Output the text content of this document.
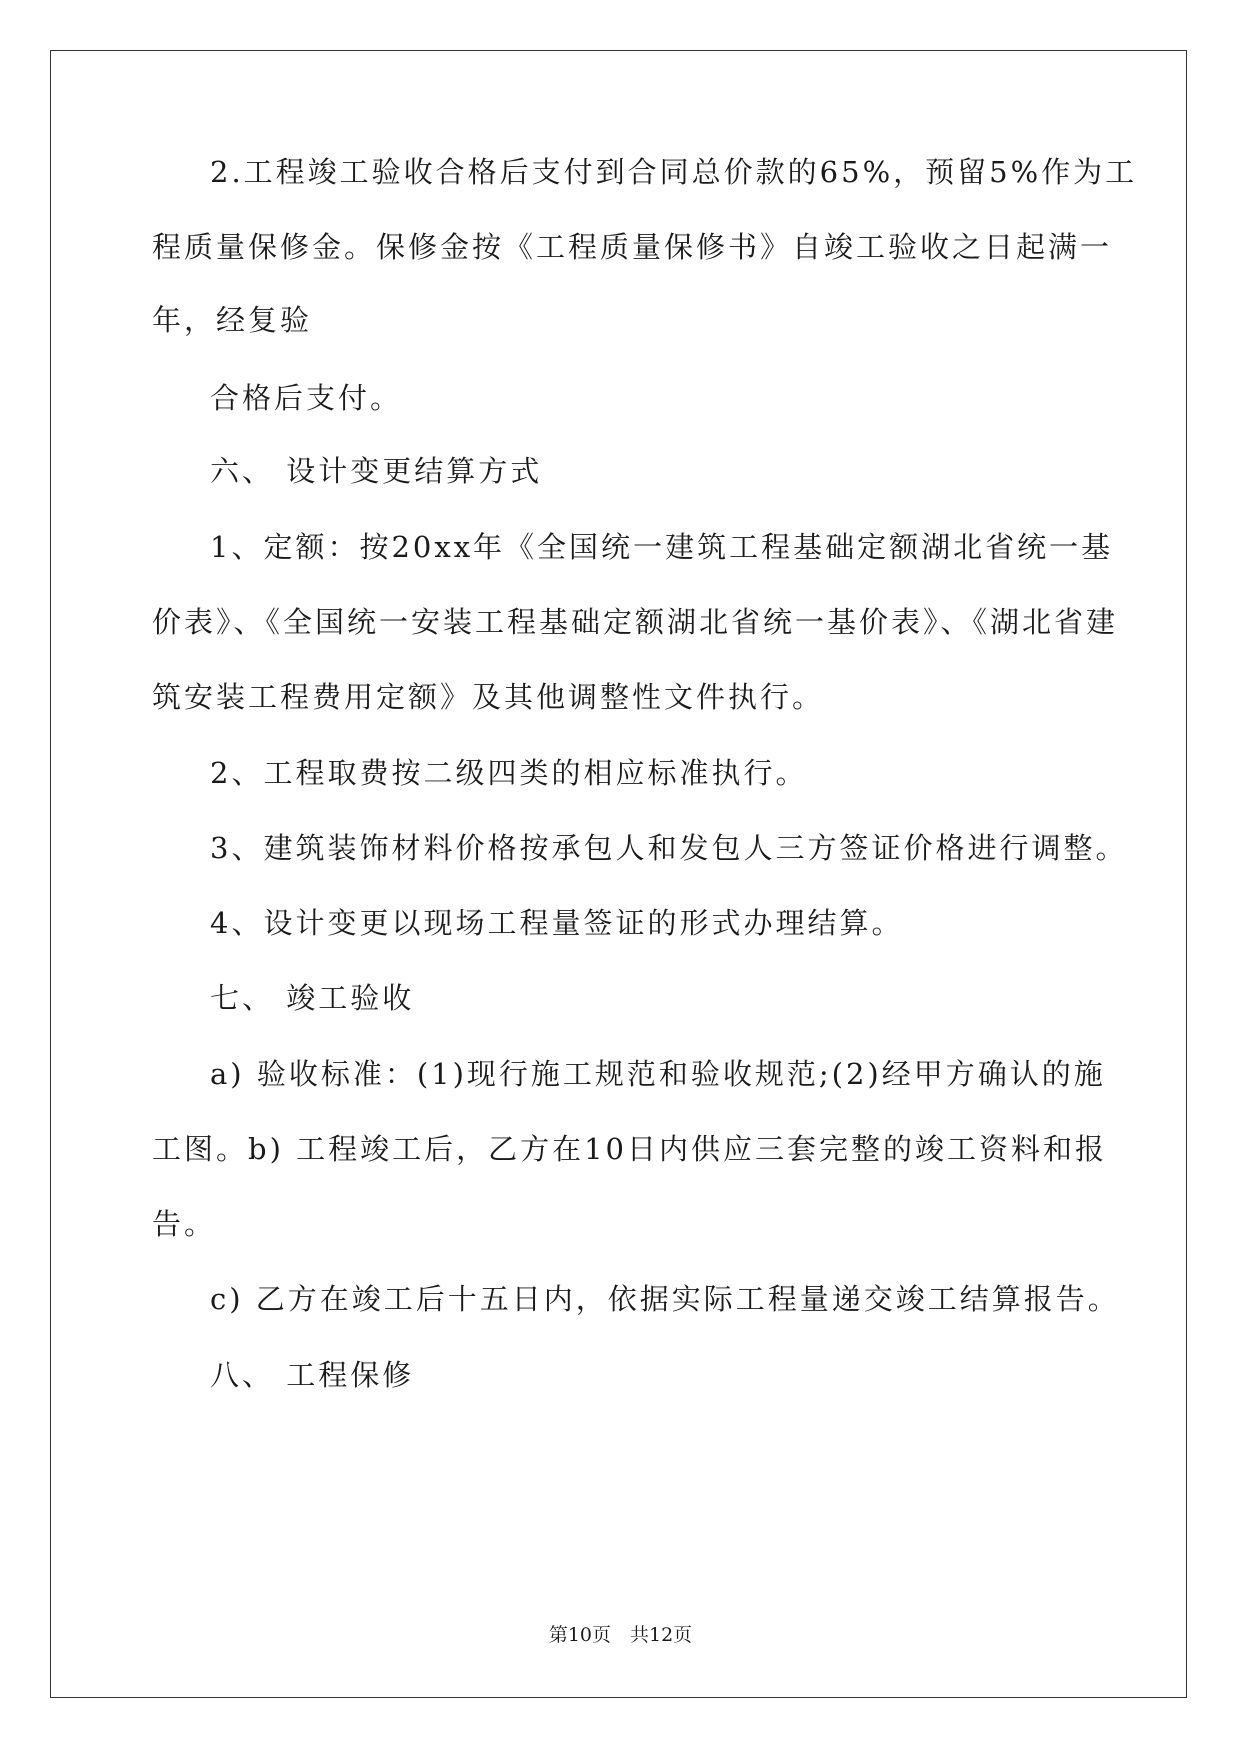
2.工程竣工验收合格后支付到合同总价款的65%，预留5%作为工
程质量保修金。保修金按《工程质量保修书》自竣工验收之日起满一
年，经复验
合格后支付。
六、 设计变更结算方式
1、定额：按20xx年《全国统一建筑工程基础定额湖北省统一基
价表》、《全国统一安装工程基础定额湖北省统一基价表》、《湖北省建
筑安装工程费用定额》及其他调整性文件执行。
2、工程取费按二级四类的相应标准执行。
3、建筑装饰材料价格按承包人和发包人三方签证价格进行调整。
4、设计变更以现场工程量签证的形式办理结算。
七、 竣工验收
a) 验收标准：(1)现行施工规范和验收规范;(2)经甲方确认的施
工图。b) 工程竣工后，乙方在10日内供应三套完整的竣工资料和报
告。
c) 乙方在竣工后十五日内，依据实际工程量递交竣工结算报告。
八、 工程保修
第10页　共12页
